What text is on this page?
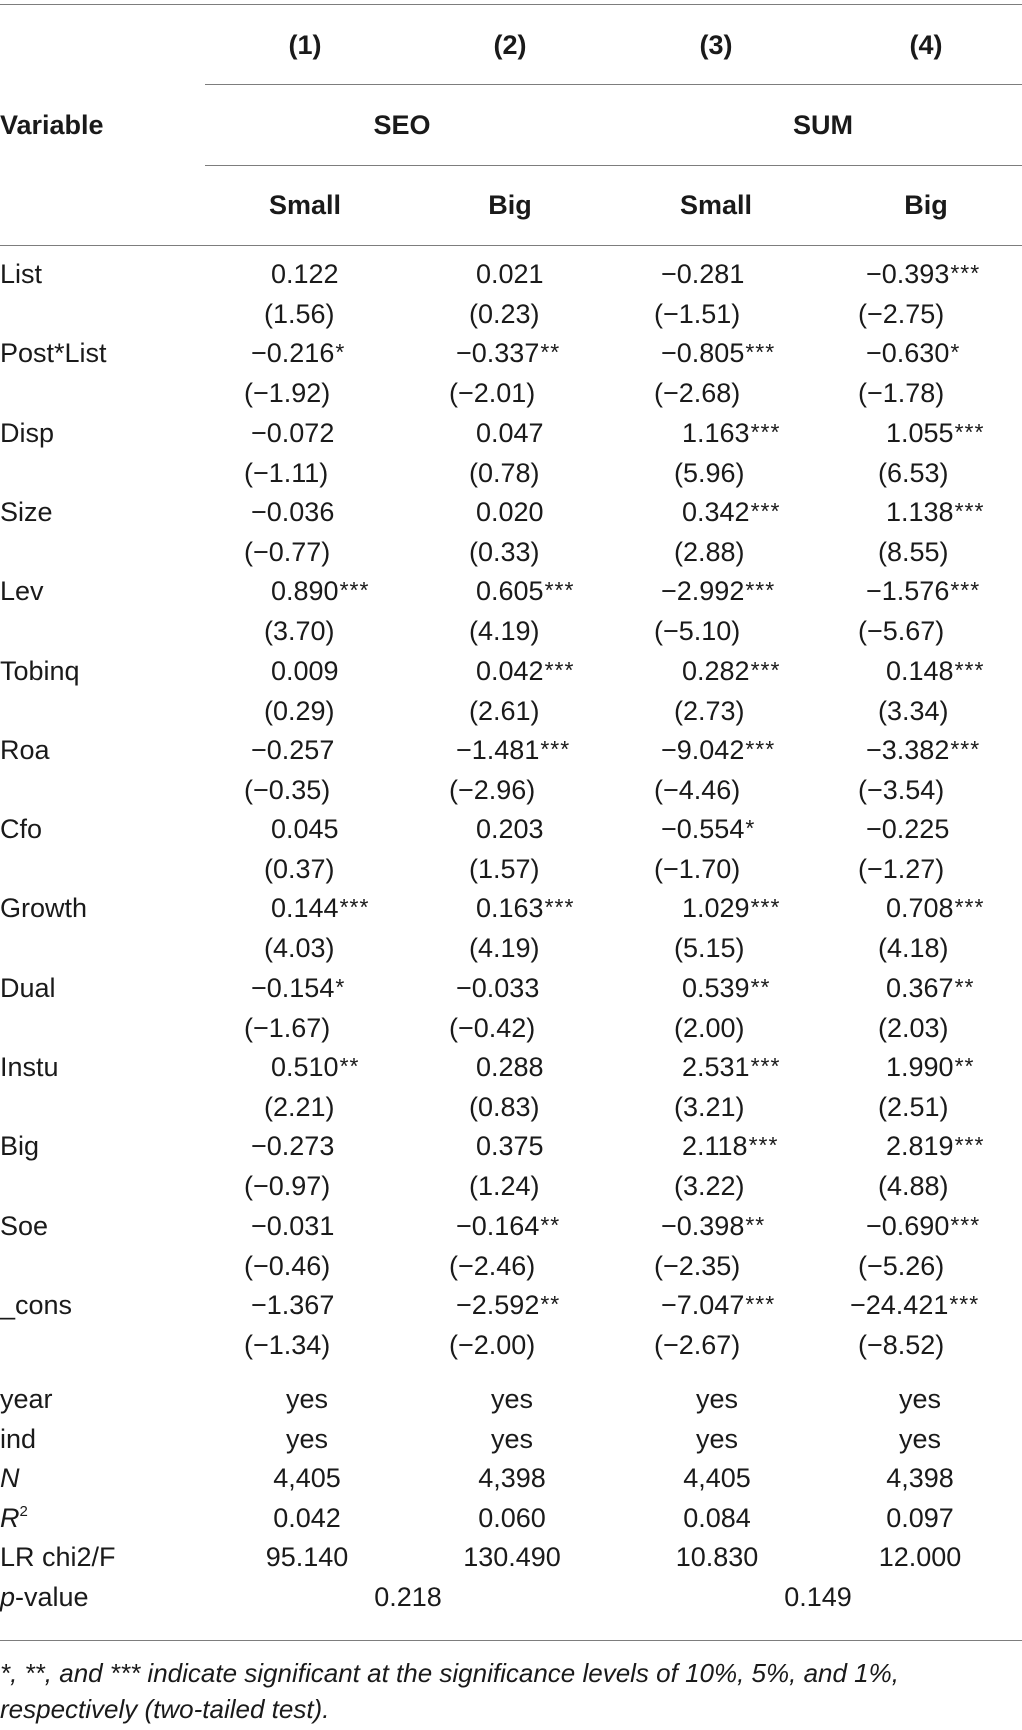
(1)	(2)	(3)	(4)
Variable	SEO	SUM
Small	Big	Small	Big
List	0.122	0.021	−0.281	−0.393***
(1.56)	(0.23)	(−1.51)	(−2.75)
Post*List	−0.216*	−0.337**	−0.805***	−0.630*
(−1.92)	(−2.01)	(−2.68)	(−1.78)
Disp	−0.072	0.047	1.163***	1.055***
(−1.11)	(0.78)	(5.96)	(6.53)
Size	−0.036	0.020	0.342***	1.138***
(−0.77)	(0.33)	(2.88)	(8.55)
Lev	0.890***	0.605***	−2.992***	−1.576***
(3.70)	(4.19)	(−5.10)	(−5.67)
Tobinq	0.009	0.042***	0.282***	0.148***
(0.29)	(2.61)	(2.73)	(3.34)
Roa	−0.257	−1.481***	−9.042***	−3.382***
(−0.35)	(−2.96)	(−4.46)	(−3.54)
Cfo	0.045	0.203	−0.554*	−0.225
(0.37)	(1.57)	(−1.70)	(−1.27)
Growth	0.144***	0.163***	1.029***	0.708***
(4.03)	(4.19)	(5.15)	(4.18)
Dual	−0.154*	−0.033	0.539**	0.367**
(−1.67)	(−0.42)	(2.00)	(2.03)
Instu	0.510**	0.288	2.531***	1.990**
(2.21)	(0.83)	(3.21)	(2.51)
Big	−0.273	0.375	2.118***	2.819***
(−0.97)	(1.24)	(3.22)	(4.88)
Soe	−0.031	−0.164**	−0.398**	−0.690***
(−0.46)	(−2.46)	(−2.35)	(−5.26)
_cons	−1.367	−2.592**	−7.047***	−24.421***
(−1.34)	(−2.00)	(−2.67)	(−8.52)
year	yes	yes	yes	yes
ind	yes	yes	yes	yes
N	4,405	4,398	4,405	4,398
$R^2$	0.042	0.060	0.084	0.097
LR chi2/F	95.140	130.490	10.830	12.000
p-value	0.218	0.149
*, **, and *** indicate significant at the significance levels of 10%, 5%, and 1%, respectively (two-tailed test).
